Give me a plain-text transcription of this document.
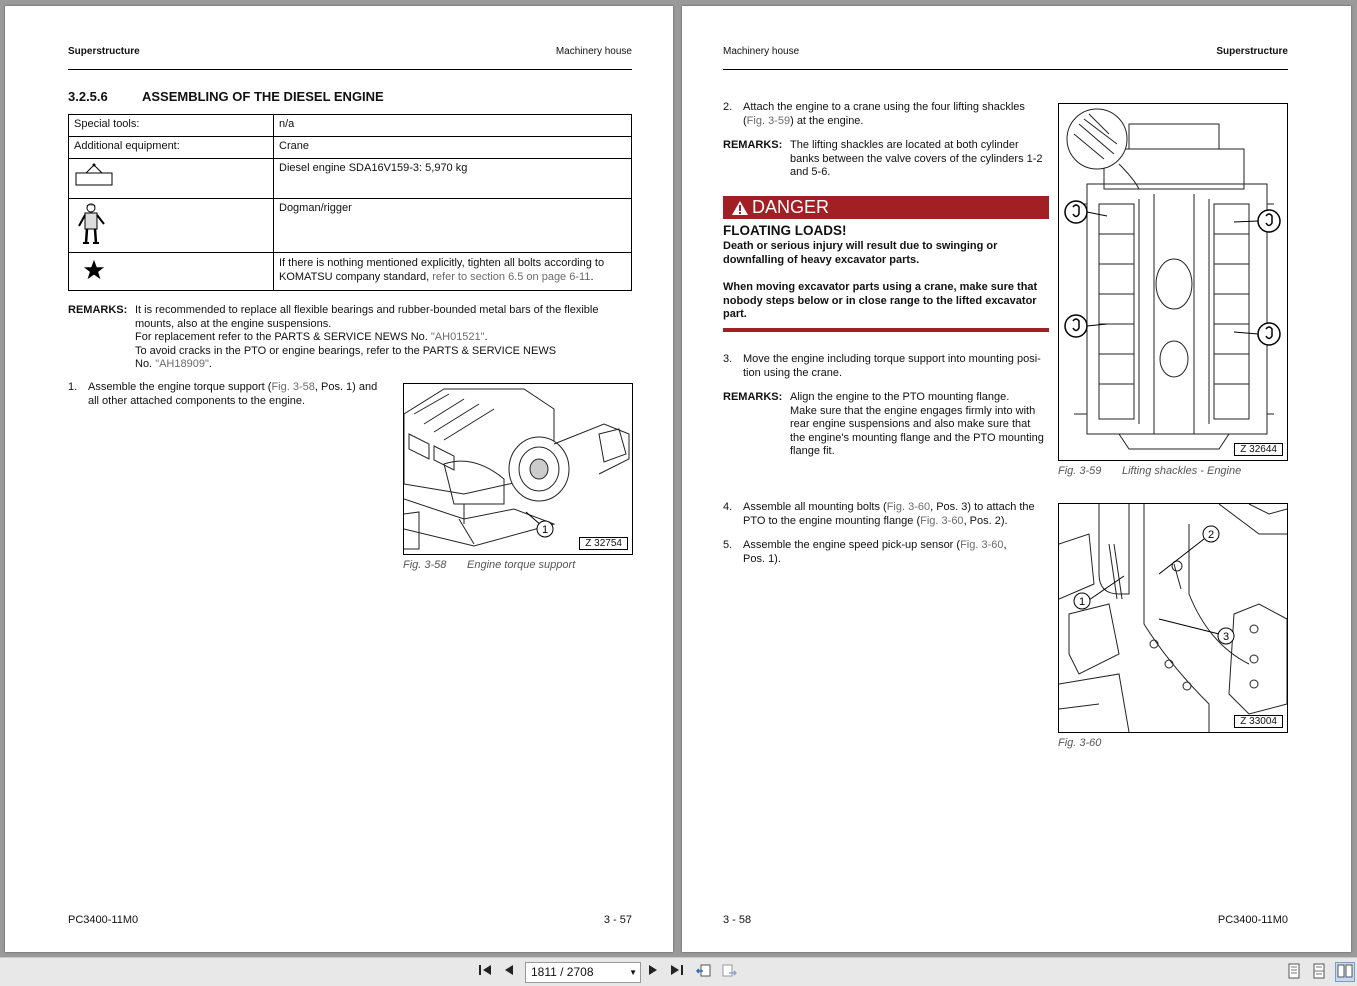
Superstructure	Machinery house
3.2.5.6	ASSEMBLING OF THE DIESEL ENGINE
Special tools:	n/a
Additional equipment:	Crane
	Diesel engine SDA16V159-3: 5,970 kg
	Dogman/rigger
	If there is nothing mentioned explicitly, tighten all bolts according to KOMATSU company standard, refer to section 6.5 on page 6-11.
REMARKS: It is recommended to replace all flexible bearings and rubber-bounded metal bars of the flexible
mounts, also at the engine suspensions.
For replacement refer to the PARTS & SERVICE NEWS No. "AH01521".
To avoid cracks in the PTO or engine bearings, refer to the PARTS & SERVICE NEWS
No. "AH18909".
1. Assemble the engine torque support (Fig. 3-58, Pos. 1) and
all other attached components to the engine.
1
Z 32754
Fig. 3-58 Engine torque support
PC3400-11M0	3 - 57
Machinery house	Superstructure
2. Attach the engine to a crane using the four lifting shackles
(Fig. 3-59) at the engine.
REMARKS: The lifting shackles are located at both cylinder
banks between the valve covers of the cylinders 1-2
and 5-6.
DANGER
FLOATING LOADS!
Death or serious injury will result due to swinging or
downfalling of heavy excavator parts.
When moving excavator parts using a crane, make sure that
nobody steps below or in close range to the lifted excavator
part.
3. Move the engine including torque support into mounting posi-
tion using the crane.
REMARKS: Align the engine to the PTO mounting flange.
Make sure that the engine engages firmly into with
rear engine suspensions and also make sure that
the engine's mounting flange and the PTO mounting
flange fit.
4. Assemble all mounting bolts (Fig. 3-60, Pos. 3) to attach the
PTO to the engine mounting flange (Fig. 3-60, Pos. 2).
5. Assemble the engine speed pick-up sensor (Fig. 3-60,
Pos. 1).
Z 32644
Fig. 3-59 Lifting shackles - Engine
1
2
3
Z 33004
Fig. 3-60
3 - 58	PC3400-11M0
1811 / 2708	▼
